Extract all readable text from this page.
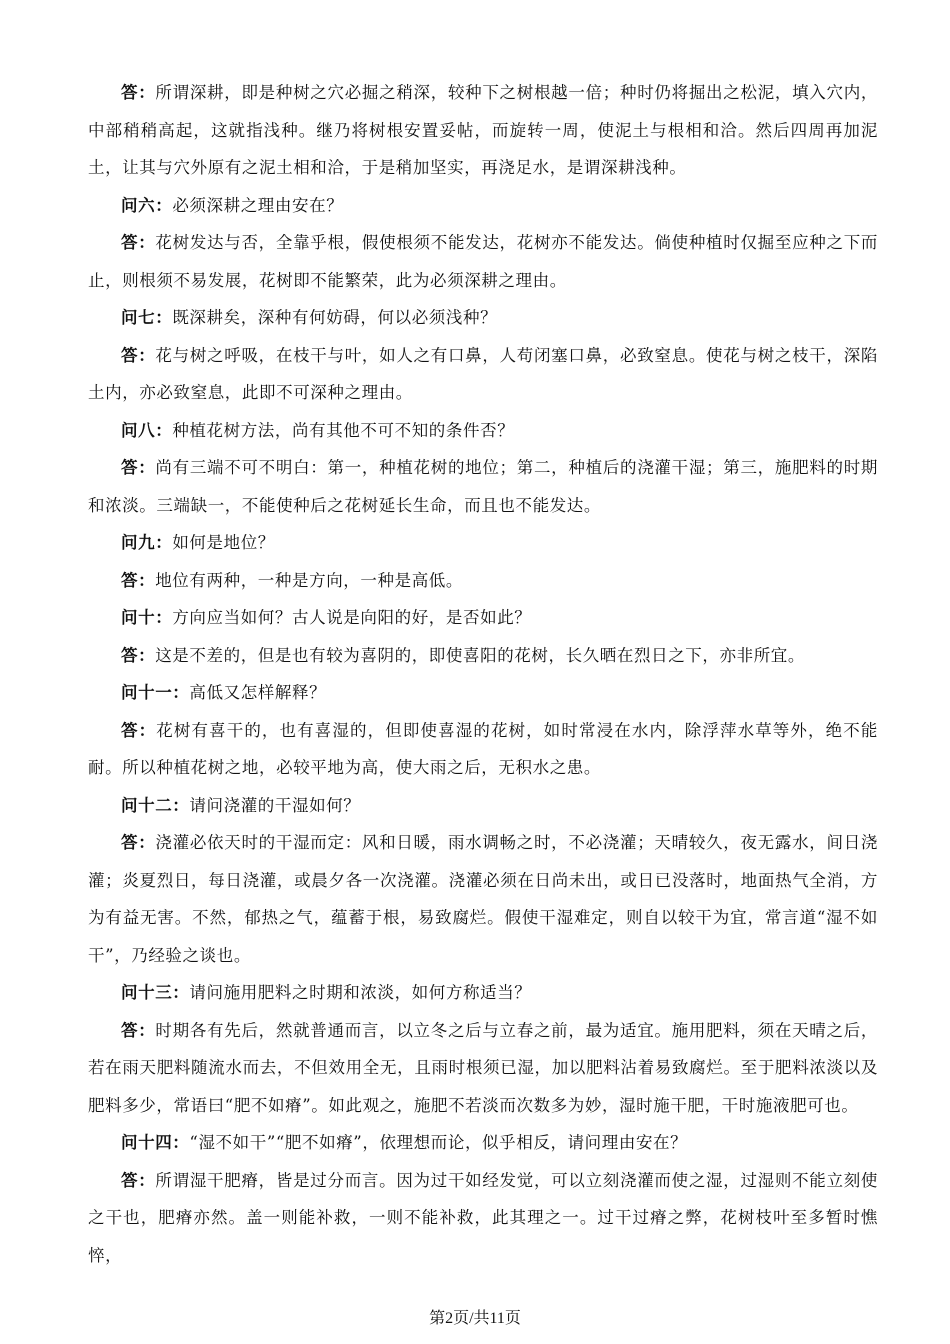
答：所谓深耕，即是种树之穴必掘之稍深，较种下之树根越一倍；种时仍将掘出之松泥，填入穴内，中部稍稍高起，这就指浅种。继乃将树根安置妥帖，而旋转一周，使泥土与根相和洽。然后四周再加泥土，让其与穴外原有之泥土相和洽，于是稍加坚实，再浇足水，是谓深耕浅种。

问六：必须深耕之理由安在？

答：花树发达与否，全靠乎根，假使根须不能发达，花树亦不能发达。倘使种植时仅掘至应种之下而止，则根须不易发展，花树即不能繁荣，此为必须深耕之理由。

问七：既深耕矣，深种有何妨碍，何以必须浅种？

答：花与树之呼吸，在枝干与叶，如人之有口鼻，人苟闭塞口鼻，必致窒息。使花与树之枝干，深陷土内，亦必致窒息，此即不可深种之理由。

问八：种植花树方法，尚有其他不可不知的条件否？

答：尚有三端不可不明白：第一，种植花树的地位；第二，种植后的浇灌干湿；第三，施肥料的时期和浓淡。三端缺一，不能使种后之花树延长生命，而且也不能发达。

问九：如何是地位？

答：地位有两种，一种是方向，一种是高低。

问十：方向应当如何？古人说是向阳的好，是否如此？

答：这是不差的，但是也有较为喜阴的，即使喜阳的花树，长久晒在烈日之下，亦非所宜。

问十一：高低又怎样解释？

答：花树有喜干的，也有喜湿的，但即使喜湿的花树，如时常浸在水内，除浮萍水草等外，绝不能耐。所以种植花树之地，必较平地为高，使大雨之后，无积水之患。

问十二：请问浇灌的干湿如何？

答：浇灌必依天时的干湿而定：风和日暖，雨水调畅之时，不必浇灌；天晴较久，夜无露水，间日浇灌；炎夏烈日，每日浇灌，或晨夕各一次浇灌。浇灌必须在日尚未出，或日已没落时，地面热气全消，方为有益无害。不然，郁热之气，蕴蓄于根，易致腐烂。假使干湿难定，则自以较干为宜，常言道“湿不如干”，乃经验之谈也。

问十三：请问施用肥料之时期和浓淡，如何方称适当？

答：时期各有先后，然就普通而言，以立冬之后与立春之前，最为适宜。施用肥料，须在天晴之后，若在雨天肥料随流水而去，不但效用全无，且雨时根须已湿，加以肥料沾着易致腐烂。至于肥料浓淡以及肥料多少，常语曰“肥不如瘠”。如此观之，施肥不若淡而次数多为妙，湿时施干肥，干时施液肥可也。

问十四：“湿不如干”“肥不如瘠”，依理想而论，似乎相反，请问理由安在？

答：所谓湿干肥瘠，皆是过分而言。因为过干如经发觉，可以立刻浇灌而使之湿，过湿则不能立刻使之干也，肥瘠亦然。盖一则能补救，一则不能补救，此其理之一。过干过瘠之弊，花树枝叶至多暂时憔悴，

第2页/共11页
